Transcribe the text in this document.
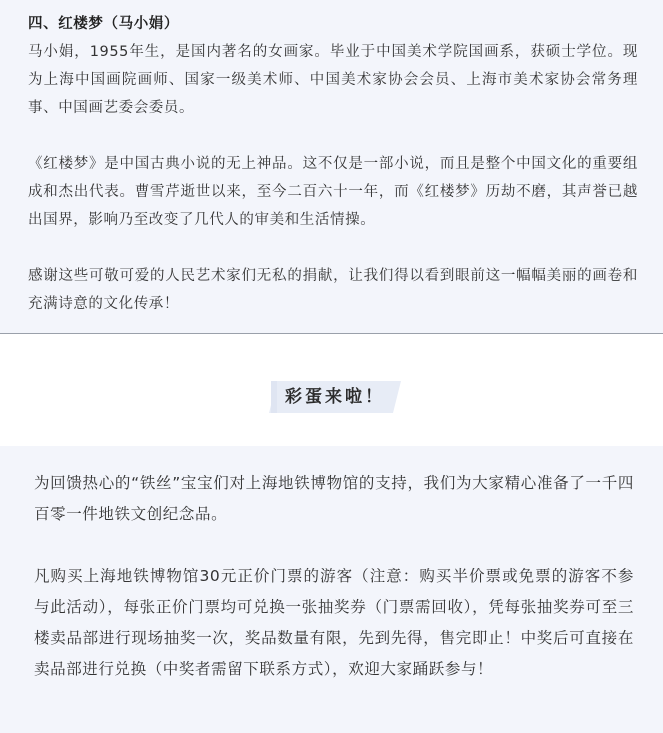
四、红楼梦（马小娟）

马小娟，1955年生，是国内著名的女画家。毕业于中国美术学院国画系，获硕士学位。现为上海中国画院画师、国家一级美术师、中国美术家协会会员、上海市美术家协会常务理事、中国画艺委会委员。

《红楼梦》是中国古典小说的无上神品。这不仅是一部小说，而且是整个中国文化的重要组成和杰出代表。曹雪芹逝世以来，至今二百六十一年，而《红楼梦》历劫不磨，其声誉已越出国界，影响乃至改变了几代人的审美和生活情操。

感谢这些可敬可爱的人民艺术家们无私的捐献，让我们得以看到眼前这一幅幅美丽的画卷和充满诗意的文化传承！

彩蛋来啦！

为回馈热心的“铁丝”宝宝们对上海地铁博物馆的支持，我们为大家精心准备了一千四百零一件地铁文创纪念品。

凡购买上海地铁博物馆30元正价门票的游客（注意：购买半价票或免票的游客不参与此活动），每张正价门票均可兑换一张抽奖券（门票需回收），凭每张抽奖券可至三楼卖品部进行现场抽奖一次，奖品数量有限，先到先得，售完即止！中奖后可直接在卖品部进行兑换（中奖者需留下联系方式），欢迎大家踊跃参与！
